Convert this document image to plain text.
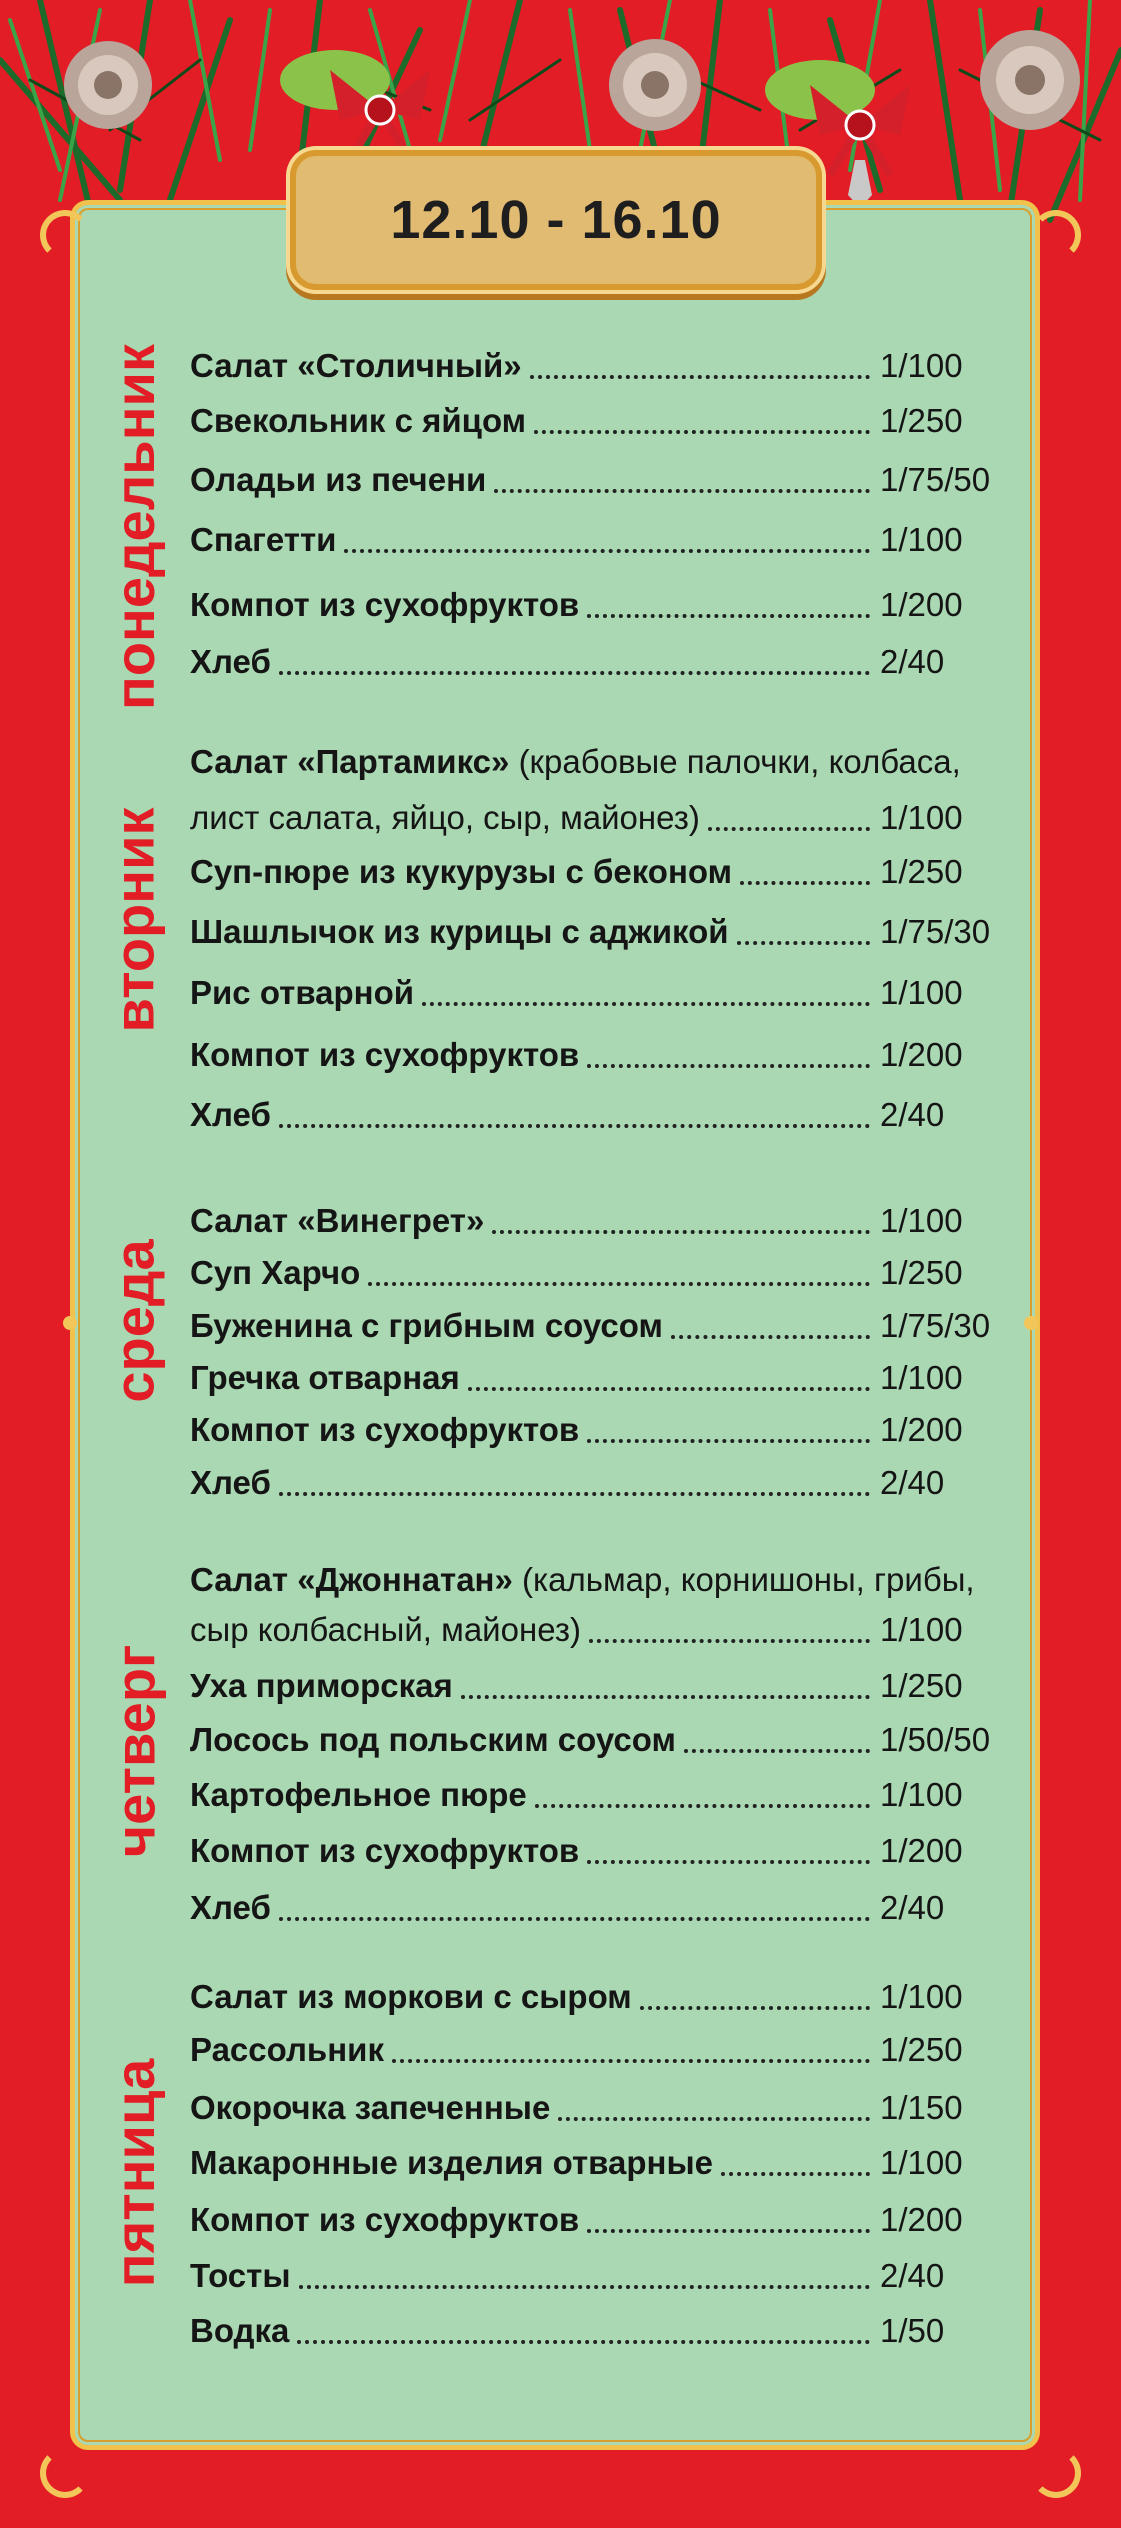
12.10 - 16.10
понедельник Салат «Столичный»	1/100
Свекольник с яйцом	1/250
Оладьи из печени	1/75/50
Спагетти	1/100
Компот из сухофруктов	1/200
Хлеб	2/40
вторник
Салат «Партамикс» (крабовые палочки, колбаса,
лист салата, яйцо, сыр, майонез)	1/100
Суп-пюре из кукурузы с беконом	1/250
Шашлычок из курицы с аджикой	1/75/30
Рис отварной	1/100
Компот из сухофруктов	1/200
Хлеб	2/40
среда
Салат «Винегрет»	1/100
Суп Харчо	1/250
Буженина с грибным соусом	1/75/30
Гречка отварная	1/100
Компот из сухофруктов	1/200
Хлеб	2/40
четверг
Салат «Джоннатан» (кальмар, корнишоны, грибы,
сыр колбасный, майонез)	1/100
Уха приморская	1/250
Лосось под польским соусом	1/50/50
Картофельное пюре	1/100
Компот из сухофруктов	1/200
Хлеб	2/40
пятница
Салат из моркови с сыром	1/100
Рассольник	1/250
Окорочка запеченные	1/150
Макаронные изделия отварные	1/100
Компот из сухофруктов	1/200
Тосты	2/40
Водка	1/50
